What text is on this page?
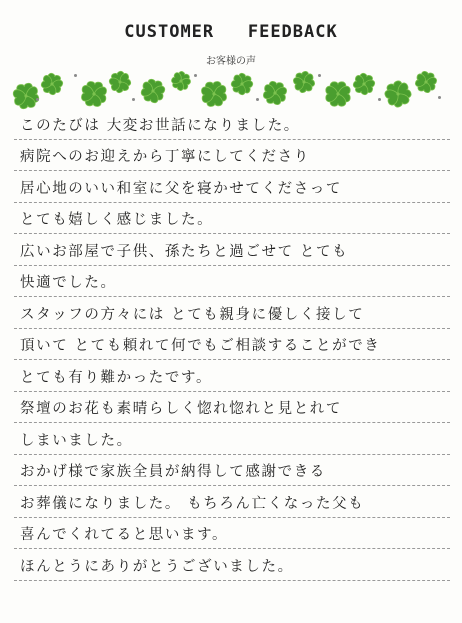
CUSTOMER   FEEDBACK
お客様の声
このたびは 大変お世話になりました。
病院へのお迎えから丁寧にしてくださり
居心地のいい和室に父を寝かせてくださって
とても嬉しく感じました。
広いお部屋で子供、孫たちと過ごせて とても
快適でした。
スタッフの方々には とても親身に優しく接して
頂いて とても頼れて何でもご相談することができ
とても有り難かったです。
祭壇のお花も素晴らしく惚れ惚れと見とれて
しまいました。
おかげ様で家族全員が納得して感謝できる
お葬儀になりました。 もちろん亡くなった父も
喜んでくれてると思います。
ほんとうにありがとうございました。
